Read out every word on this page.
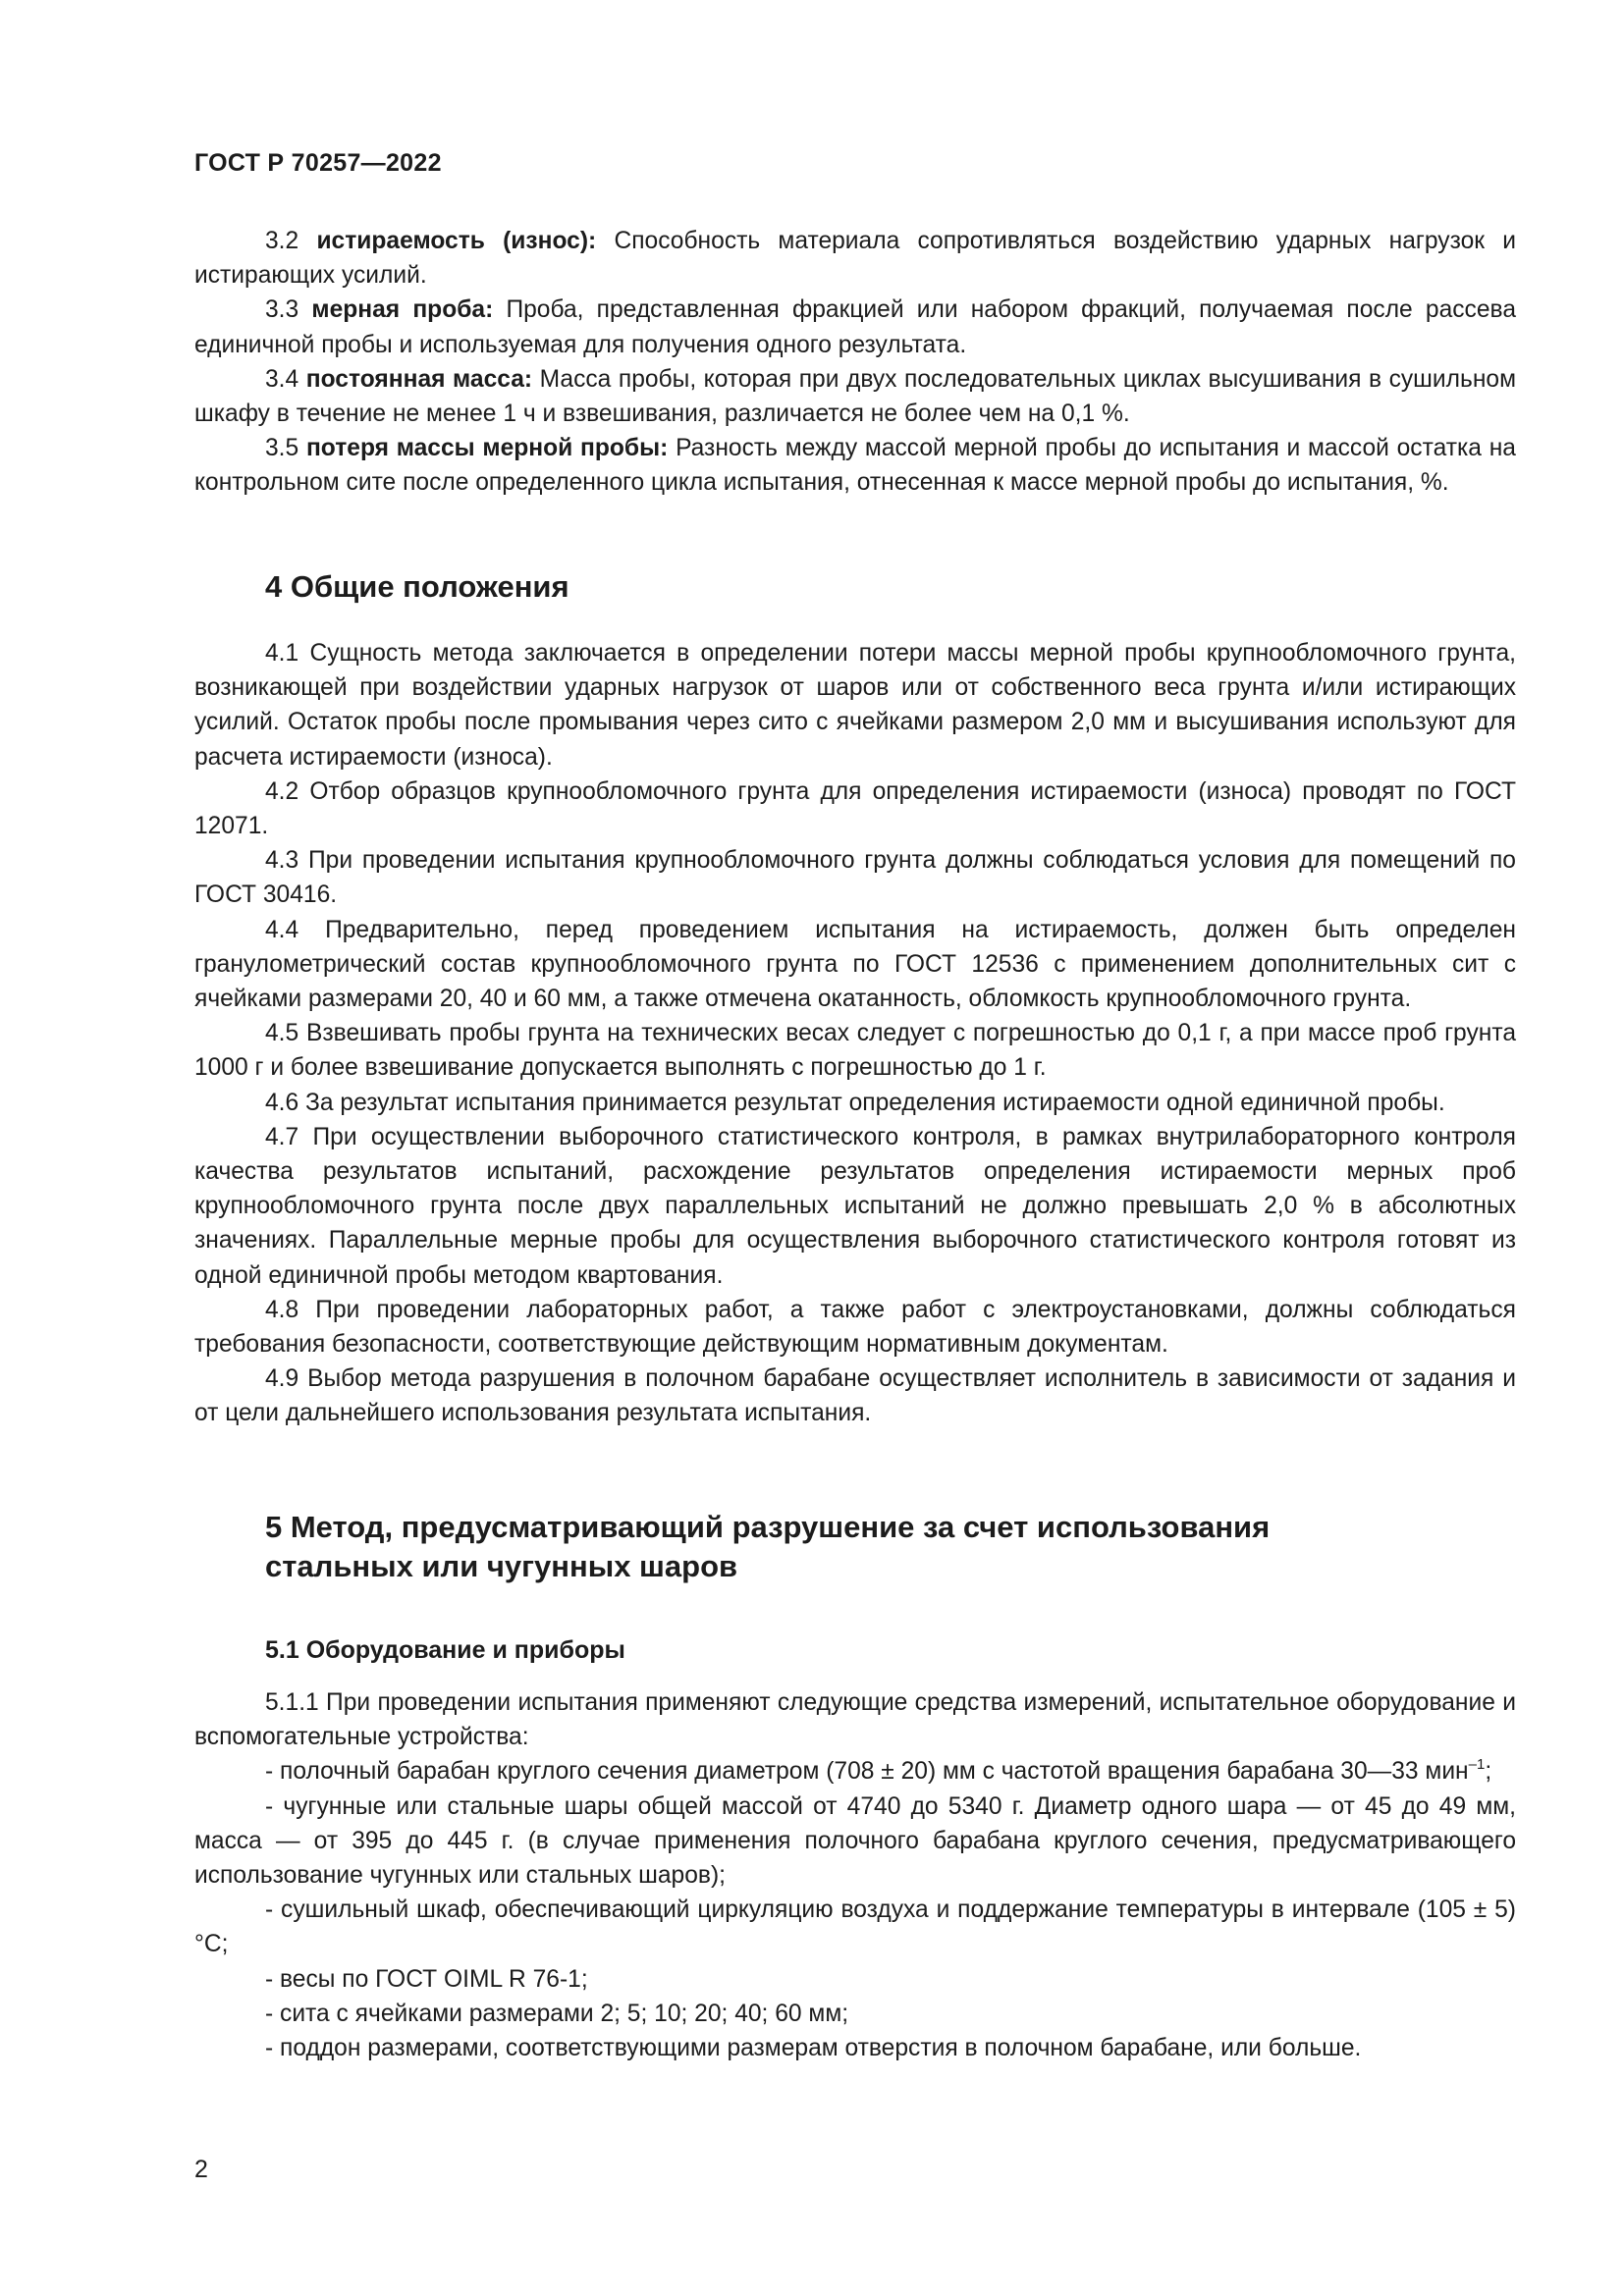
ГОСТ Р 70257—2022

3.2 истираемость (износ): Способность материала сопротивляться воздействию ударных нагрузок и истирающих усилий.

3.3 мерная проба: Проба, представленная фракцией или набором фракций, получаемая после рассева единичной пробы и используемая для получения одного результата.

3.4 постоянная масса: Масса пробы, которая при двух последовательных циклах высушивания в сушильном шкафу в течение не менее 1 ч и взвешивания, различается не более чем на 0,1 %.

3.5 потеря массы мерной пробы: Разность между массой мерной пробы до испытания и массой остатка на контрольном сите после определенного цикла испытания, отнесенная к массе мерной пробы до испытания, %.

4 Общие положения

4.1 Сущность метода заключается в определении потери массы мерной пробы крупнообломочного грунта, возникающей при воздействии ударных нагрузок от шаров или от собственного веса грунта и/или истирающих усилий. Остаток пробы после промывания через сито с ячейками размером 2,0 мм и высушивания используют для расчета истираемости (износа).

4.2 Отбор образцов крупнообломочного грунта для определения истираемости (износа) проводят по ГОСТ 12071.

4.3 При проведении испытания крупнообломочного грунта должны соблюдаться условия для помещений по ГОСТ 30416.

4.4 Предварительно, перед проведением испытания на истираемость, должен быть определен гранулометрический состав крупнообломочного грунта по ГОСТ 12536 с применением дополнительных сит с ячейками размерами 20, 40 и 60 мм, а также отмечена окатанность, обломкость крупнообломочного грунта.

4.5 Взвешивать пробы грунта на технических весах следует с погрешностью до 0,1 г, а при массе проб грунта 1000 г и более взвешивание допускается выполнять с погрешностью до 1 г.

4.6 За результат испытания принимается результат определения истираемости одной единичной пробы.

4.7 При осуществлении выборочного статистического контроля, в рамках внутрилабораторного контроля качества результатов испытаний, расхождение результатов определения истираемости мерных проб крупнообломочного грунта после двух параллельных испытаний не должно превышать 2,0 % в абсолютных значениях. Параллельные мерные пробы для осуществления выборочного статистического контроля готовят из одной единичной пробы методом квартования.

4.8 При проведении лабораторных работ, а также работ с электроустановками, должны соблюдаться требования безопасности, соответствующие действующим нормативным документам.

4.9 Выбор метода разрушения в полочном барабане осуществляет исполнитель в зависимости от задания и от цели дальнейшего использования результата испытания.

5 Метод, предусматривающий разрушение за счет использования
стальных или чугунных шаров
5.1 Оборудование и приборы

5.1.1 При проведении испытания применяют следующие средства измерений, испытательное оборудование и вспомогательные устройства:

- полочный барабан круглого сечения диаметром (708 ± 20) мм с частотой вращения барабана 30—33 мин$^{-1}$;

- чугунные или стальные шары общей массой от 4740 до 5340 г. Диаметр одного шара — от 45 до 49 мм, масса — от 395 до 445 г. (в случае применения полочного барабана круглого сечения, предусматривающего использование чугунных или стальных шаров);

- сушильный шкаф, обеспечивающий циркуляцию воздуха и поддержание температуры в интервале (105 ± 5) °С;

- весы по ГОСТ OIML R 76-1;

- сита с ячейками размерами 2; 5; 10; 20; 40; 60 мм;

- поддон размерами, соответствующими размерам отверстия в полочном барабане, или больше.

2
